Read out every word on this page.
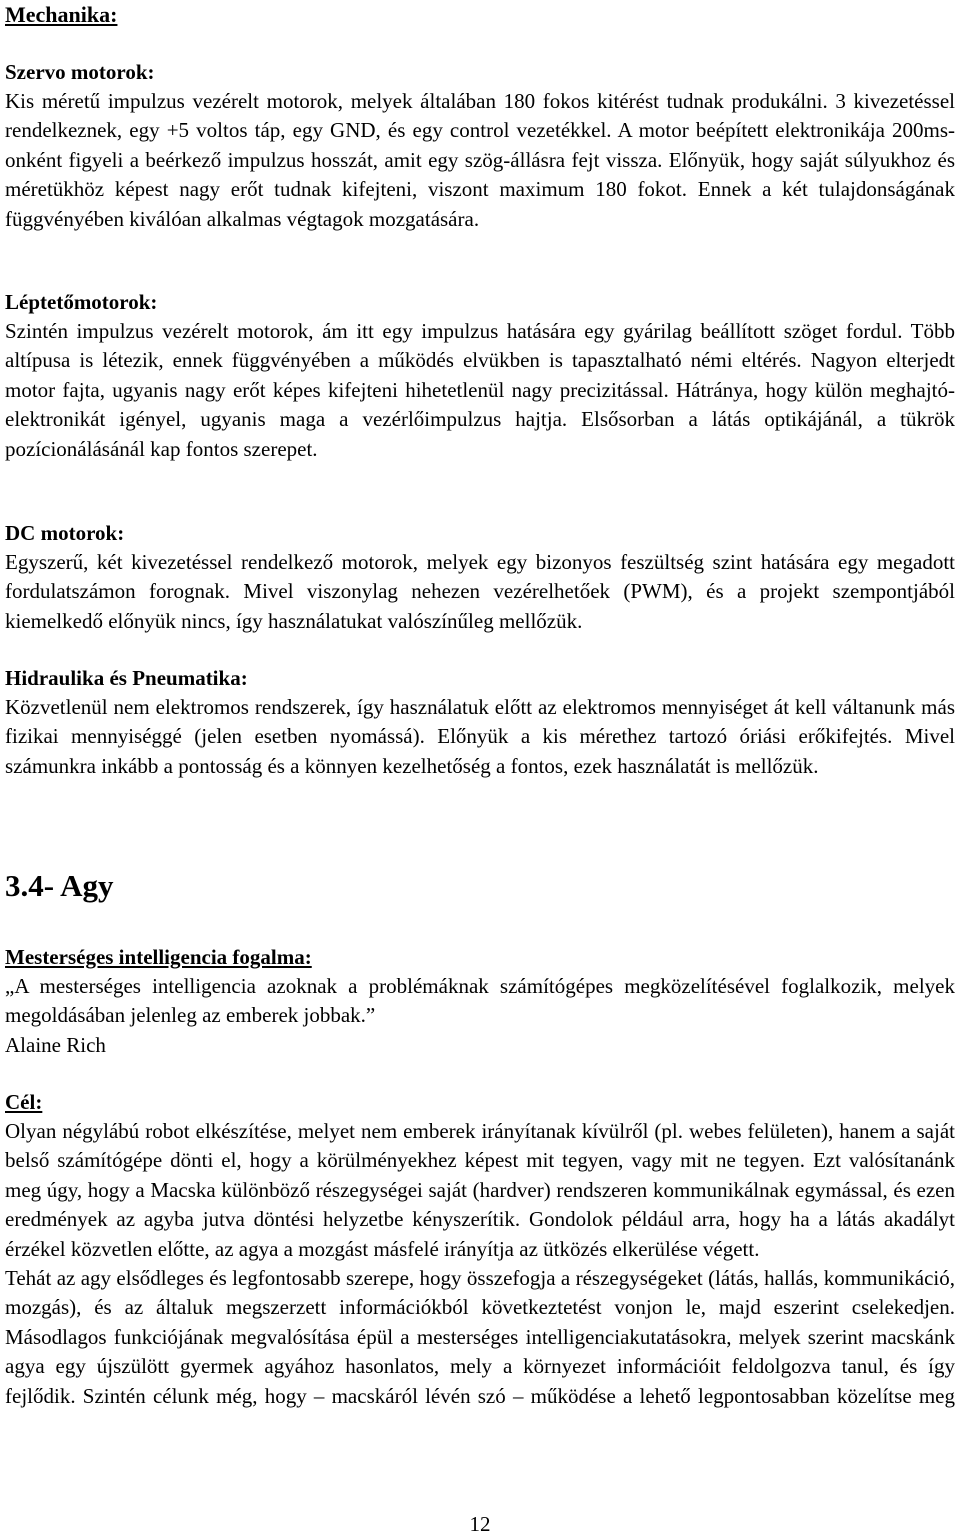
Mechanika:
Szervo motorok:

Kis méretű impulzus vezérelt motorok, melyek általában 180 fokos kitérést tudnak produkálni. 3 kivezetéssel rendelkeznek, egy +5 voltos táp, egy GND, és egy control vezetékkel. A motor beépített elektronikája 200ms-onként figyeli a beérkező impulzus hosszát, amit egy szög-állásra fejt vissza. Előnyük, hogy saját súlyukhoz és méretükhöz képest nagy erőt tudnak kifejteni, viszont maximum 180 fokot. Ennek a két tulajdonságának függvényében kiválóan alkalmas végtagok mozgatására.

Léptetőmotorok:

Szintén impulzus vezérelt motorok, ám itt egy impulzus hatására egy gyárilag beállított szöget fordul. Több altípusa is létezik, ennek függvényében a működés elvükben is tapasztalható némi eltérés. Nagyon elterjedt motor fajta, ugyanis nagy erőt képes kifejteni hihetetlenül nagy precizitással. Hátránya, hogy külön meghajtó-elektronikát igényel, ugyanis maga a vezérlőimpulzus hajtja. Elsősorban a látás optikájánál, a tükrök pozícionálásánál kap fontos szerepet.

DC motorok:

Egyszerű, két kivezetéssel rendelkező motorok, melyek egy bizonyos feszültség szint hatására egy megadott fordulatszámon forognak. Mivel viszonylag nehezen vezérelhetőek (PWM), és a projekt szempontjából kiemelkedő előnyük nincs, így használatukat valószínűleg mellőzük.

Hidraulika és Pneumatika:

Közvetlenül nem elektromos rendszerek, így használatuk előtt az elektromos mennyiséget át kell váltanunk más fizikai mennyiséggé (jelen esetben nyomássá). Előnyük a kis mérethez tartozó óriási erőkifejtés. Mivel számunkra inkább a pontosság és a könnyen kezelhetőség a fontos, ezek használatát is mellőzük.

3.4- Agy
Mesterséges intelligencia fogalma:

„A mesterséges intelligencia azoknak a problémáknak számítógépes megközelítésével foglalkozik, melyek megoldásában jelenleg az emberek jobbak.”

Alaine Rich
Cél:

Olyan négylábú robot elkészítése, melyet nem emberek irányítanak kívülről (pl. webes felületen), hanem a saját belső számítógépe dönti el, hogy a körülményekhez képest mit tegyen, vagy mit ne tegyen. Ezt valósítanánk meg úgy, hogy a Macska különböző részegységei saját (hardver) rendszeren kommunikálnak egymással, és ezen eredmények az agyba jutva döntési helyzetbe kényszerítik. Gondolok például arra, hogy ha a látás akadályt érzékel közvetlen előtte, az agya a mozgást másfelé irányítja az ütközés elkerülése végett.

Tehát az agy elsődleges és legfontosabb szerepe, hogy összefogja a részegységeket (látás, hallás, kommunikáció, mozgás), és az általuk megszerzett információkból következtetést vonjon le, majd eszerint cselekedjen. Másodlagos funkciójának megvalósítása épül a mesterséges intelligenciakutatásokra, melyek szerint macskánk agya egy újszülött gyermek agyához hasonlatos, mely a környezet információit feldolgozva tanul, és így fejlődik. Szintén célunk még, hogy – macskáról lévén szó – működése a lehető legpontosabban közelítse meg

12
